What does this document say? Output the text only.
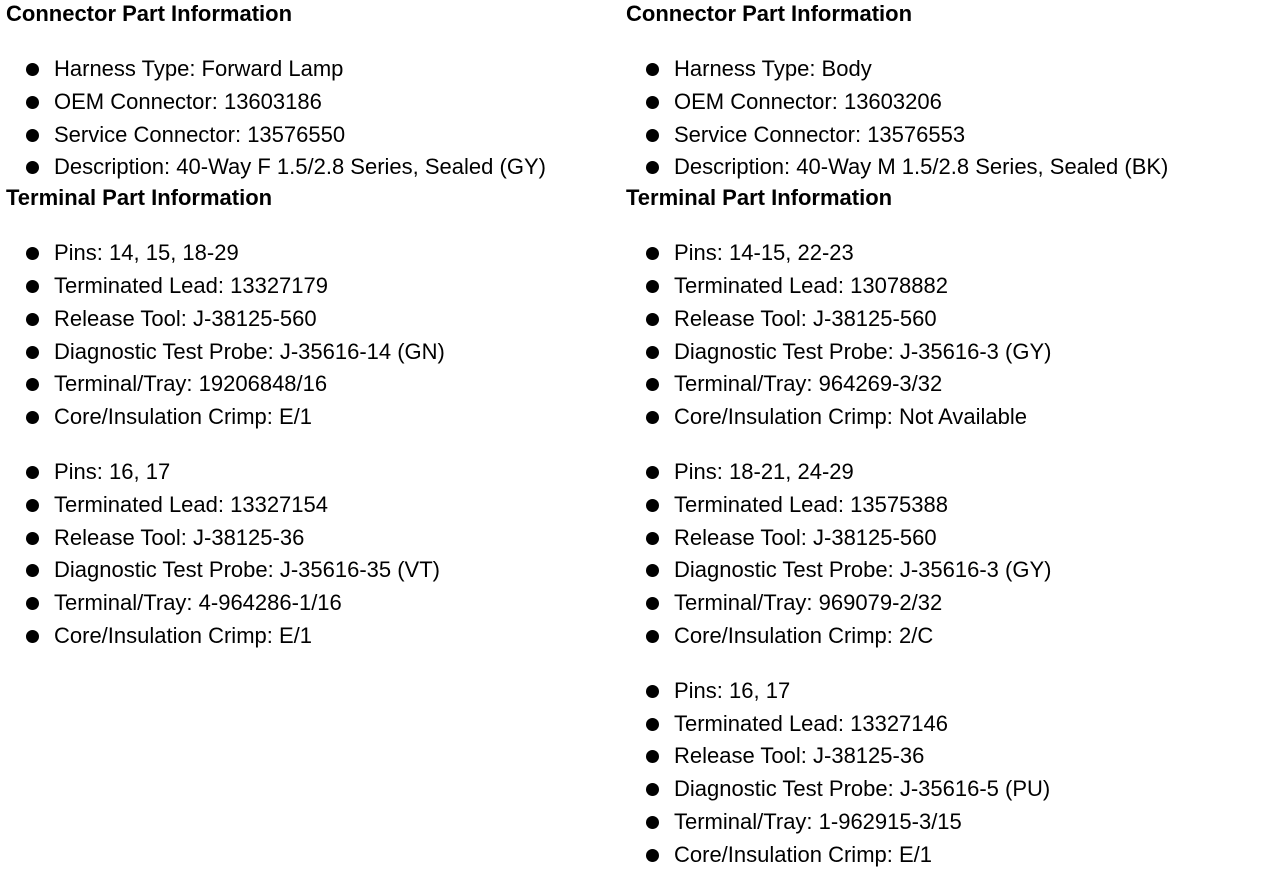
Connector Part Information
Harness Type: Forward Lamp
OEM Connector: 13603186
Service Connector: 13576550
Description: 40-Way F 1.5/2.8 Series, Sealed (GY)
Terminal Part Information
Pins: 14, 15, 18-29
Terminated Lead: 13327179
Release Tool: J-38125-560
Diagnostic Test Probe: J-35616-14 (GN)
Terminal/Tray: 19206848/16
Core/Insulation Crimp: E/1
Pins: 16, 17
Terminated Lead: 13327154
Release Tool: J-38125-36
Diagnostic Test Probe: J-35616-35 (VT)
Terminal/Tray: 4-964286-1/16
Core/Insulation Crimp: E/1
Connector Part Information
Harness Type: Body
OEM Connector: 13603206
Service Connector: 13576553
Description: 40-Way M 1.5/2.8 Series, Sealed (BK)
Terminal Part Information
Pins: 14-15, 22-23
Terminated Lead: 13078882
Release Tool: J-38125-560
Diagnostic Test Probe: J-35616-3 (GY)
Terminal/Tray: 964269-3/32
Core/Insulation Crimp: Not Available
Pins: 18-21, 24-29
Terminated Lead: 13575388
Release Tool: J-38125-560
Diagnostic Test Probe: J-35616-3 (GY)
Terminal/Tray: 969079-2/32
Core/Insulation Crimp: 2/C
Pins: 16, 17
Terminated Lead: 13327146
Release Tool: J-38125-36
Diagnostic Test Probe: J-35616-5 (PU)
Terminal/Tray: 1-962915-3/15
Core/Insulation Crimp: E/1
